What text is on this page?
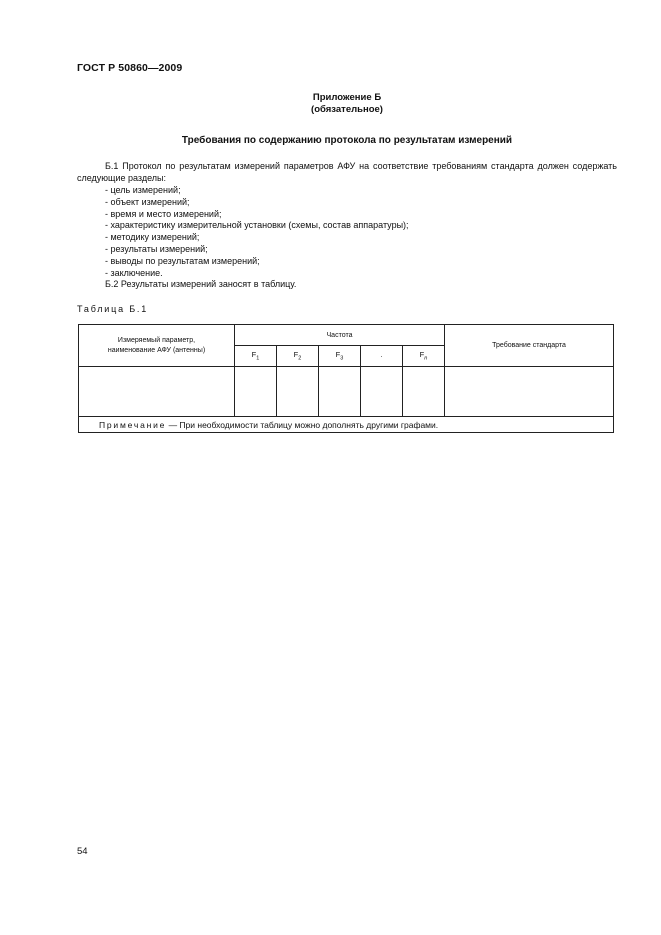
ГОСТ Р 50860—2009
Приложение Б
(обязательное)
Требования по содержанию протокола по результатам измерений
Б.1 Протокол по результатам измерений параметров АФУ на соответствие требованиям стандарта должен содержать следующие разделы:
- цель измерений;
- объект измерений;
- время и место измерений;
- характеристику измерительной установки (схемы, состав аппаратуры);
- методику измерений;
- результаты измерений;
- выводы по результатам измерений;
- заключение.
Б.2 Результаты измерений заносят в таблицу.
Таблица Б.1
Измеряемый параметр, наименование АФУ (антенны)	Частота					Требование стандарта
	$F_1$	$F_2$	$F_3$	.	$F_n$

Примечание — При необходимости таблицу можно дополнять другими графами.						
54
